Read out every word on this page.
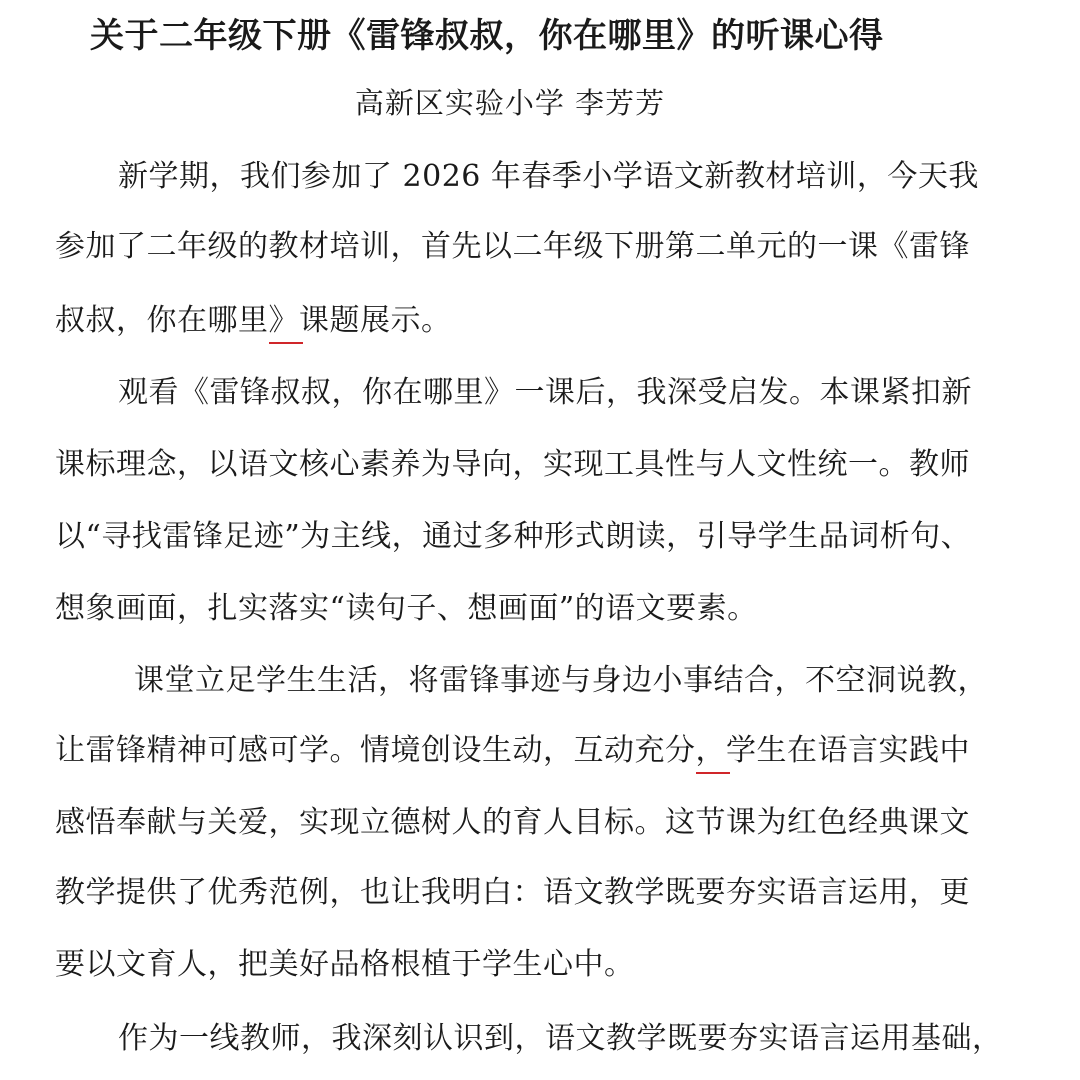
关于二年级下册《雷锋叔叔，你在哪里》的听课心得
高新区实验小学 李芳芳
新学期，我们参加了 2026 年春季小学语文新教材培训，今天我
参加了二年级的教材培训，首先以二年级下册第二单元的一课《雷锋
叔叔，你在哪里》课题展示。
观看《雷锋叔叔，你在哪里》一课后，我深受启发。本课紧扣新
课标理念，以语文核心素养为导向，实现工具性与人文性统一。教师
以“寻找雷锋足迹”为主线，通过多种形式朗读，引导学生品词析句、
想象画面，扎实落实“读句子、想画面”的语文要素。
课堂立足学生生活，将雷锋事迹与身边小事结合，不空洞说教，
让雷锋精神可感可学。情境创设生动，互动充分，学生在语言实践中
感悟奉献与关爱，实现立德树人的育人目标。这节课为红色经典课文
教学提供了优秀范例，也让我明白：语文教学既要夯实语言运用，更
要以文育人，把美好品格根植于学生心中。
作为一线教师，我深刻认识到，语文教学既要夯实语言运用基础，
